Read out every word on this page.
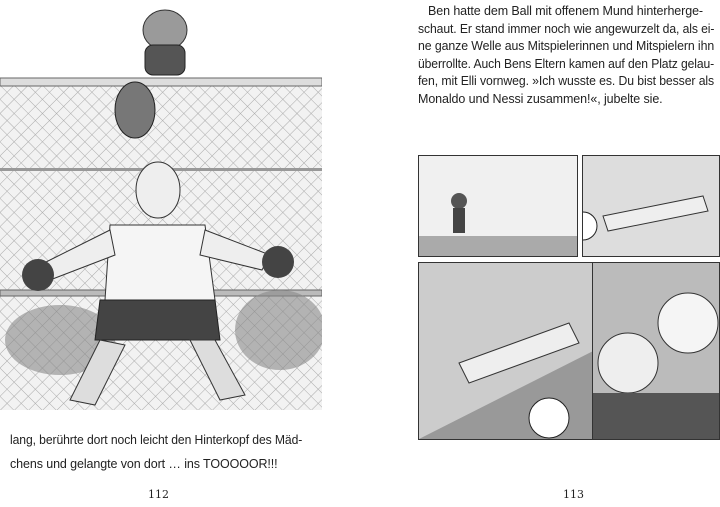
lang, berührte dort noch leicht den Hinterkopf des Mäd-
chens und gelangte von dort … ins TOOOOOR!!!
112
Ben hatte dem Ball mit offenem Mund hinterherge-
schaut. Er stand immer noch wie angewurzelt da, als ei-
ne ganze Welle aus Mitspielerinnen und Mitspielern ihn
überrollte. Auch Bens Eltern kamen auf den Platz gelau-
fen, mit Elli vornweg. »Ich wusste es. Du bist besser als
Monaldo und Nessi zusammen!«, jubelte sie.
113
